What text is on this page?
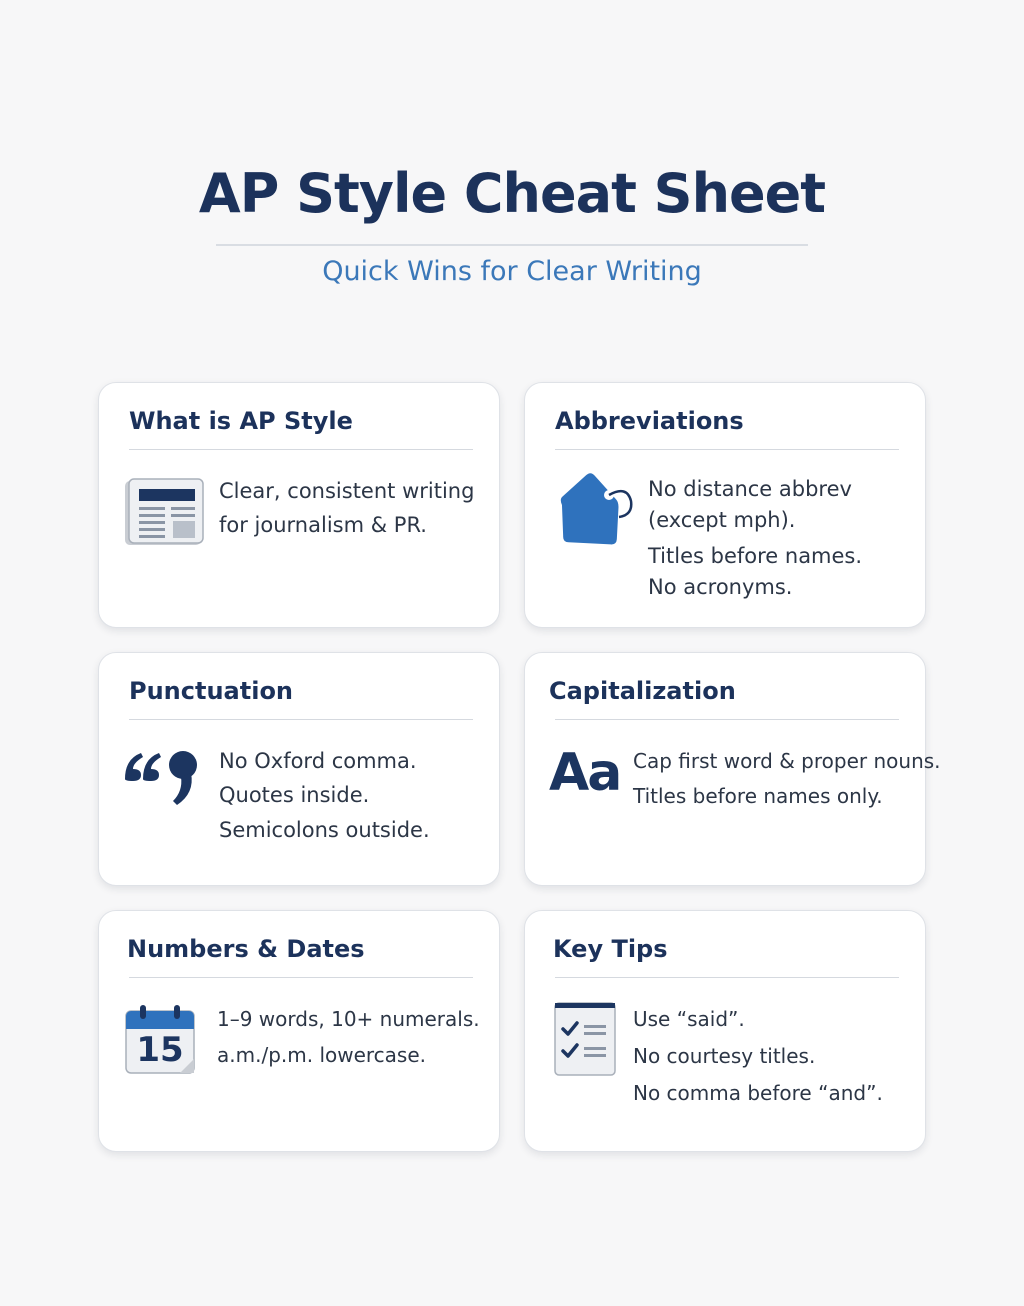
AP Style Cheat Sheet

Quick Wins for Clear Writing

What is AP Style
Clear, consistent writing
for journalism & PR.
Abbreviations
No distance abbrev
(except mph).
Titles before names.
No acronyms.
Punctuation
No Oxford comma.
Quotes inside.
Semicolons outside.
Capitalization
Aa Cap first word & proper nouns.
Titles before names only.
Numbers & Dates
15
1–9 words, 10+ numerals.
a.m./p.m. lowercase.
Key Tips
Use “said”.
No courtesy titles.
No comma before “and”.
